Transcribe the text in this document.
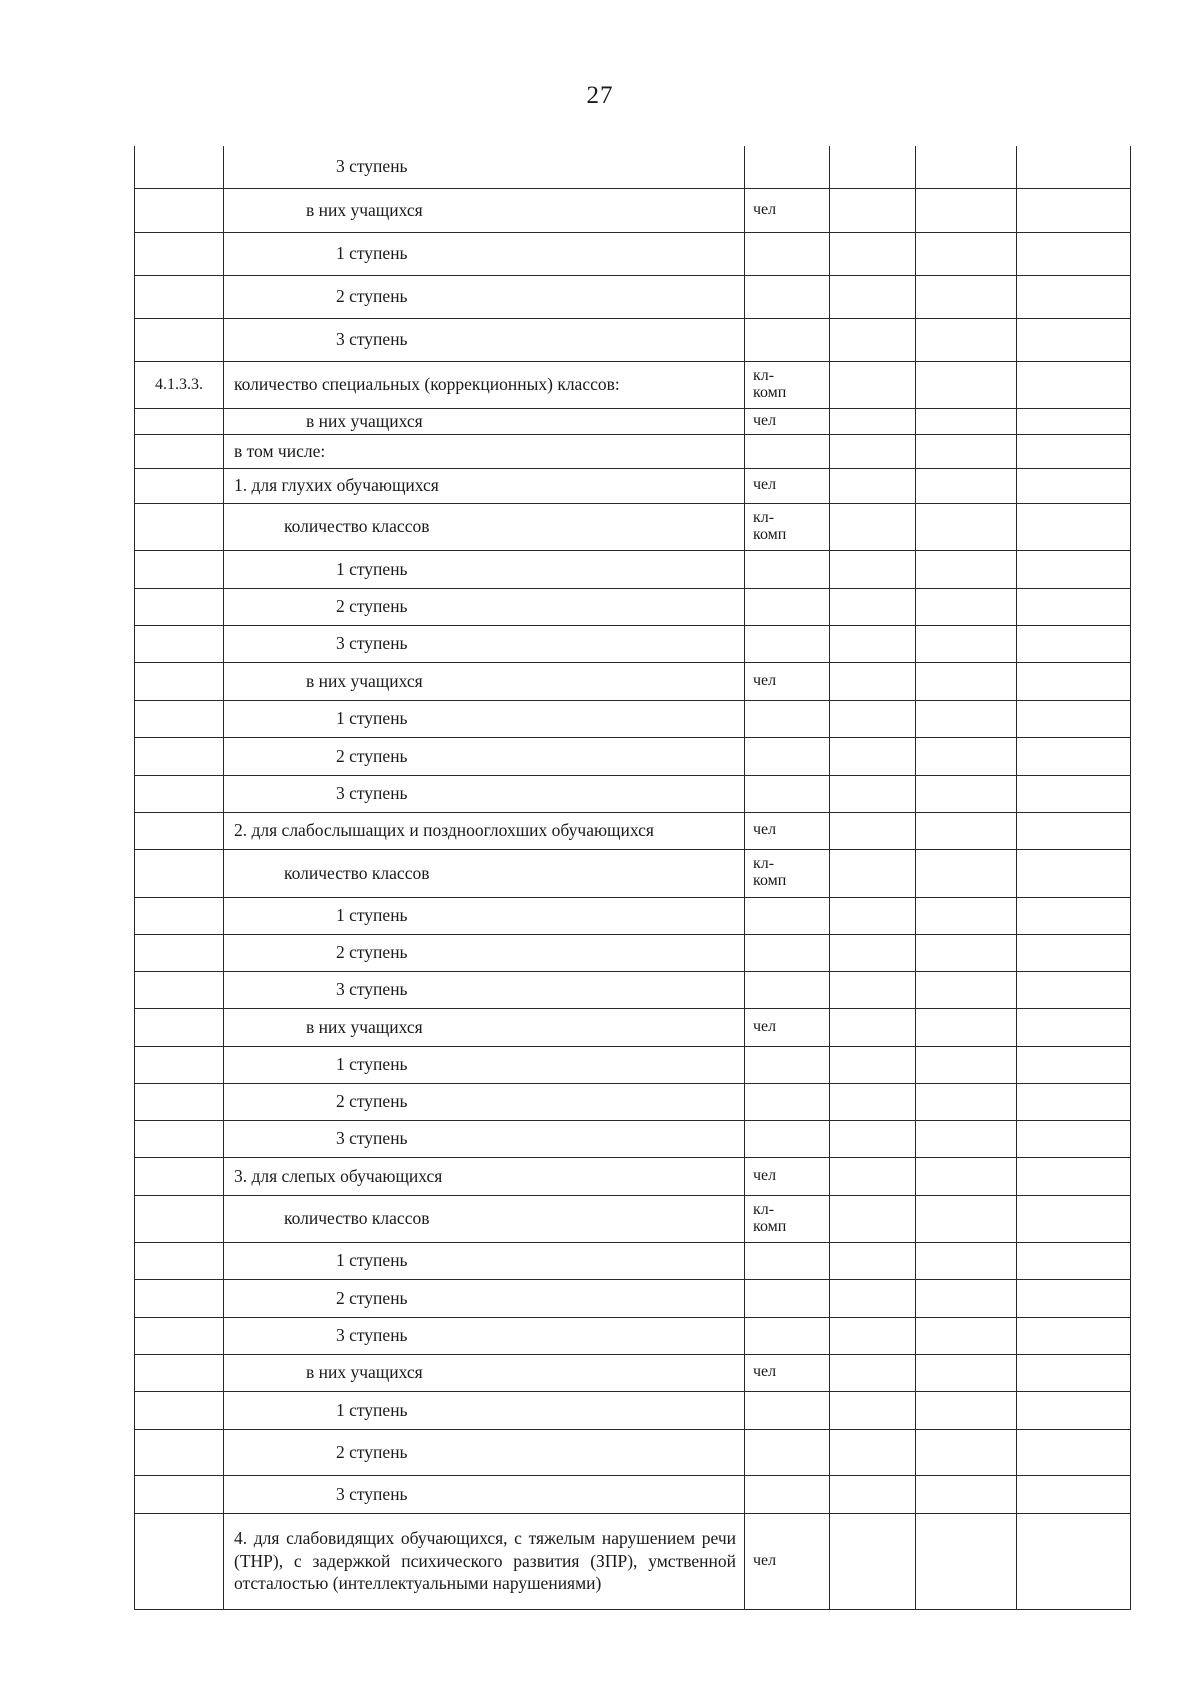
27

	3 ступень				

	в них учащихся	чел			

	1 ступень				

	2 ступень				

	3 ступень				

4.1.3.3.	количество специальных (коррекционных) классов:	кл-
комп			

	в них учащихся	чел			

	в том числе:				

	1. для глухих обучающихся	чел			

	количество классов	кл-
комп			

	1 ступень				

	2 ступень				

	3 ступень				

	в них учащихся	чел			

	1 ступень				

	2 ступень				

	3 ступень				

	2. для слабослышащих и позднооглохших обучающихся	чел			

	количество классов	кл-
комп			

	1 ступень				

	2 ступень				

	3 ступень				

	в них учащихся	чел			

	1 ступень				

	2 ступень				

	3 ступень				

	3. для слепых обучающихся	чел			

	количество классов	кл-
комп			

	1 ступень				

	2 ступень				

	3 ступень				

	в них учащихся	чел			

	1 ступень				

	2 ступень				

	3 ступень				

	4. для слабовидящих обучающихся, с тяжелым нарушением речи (ТНР), с задержкой психического развития (ЗПР), умственной отсталостью (интеллектуальными нарушениями)	чел			
